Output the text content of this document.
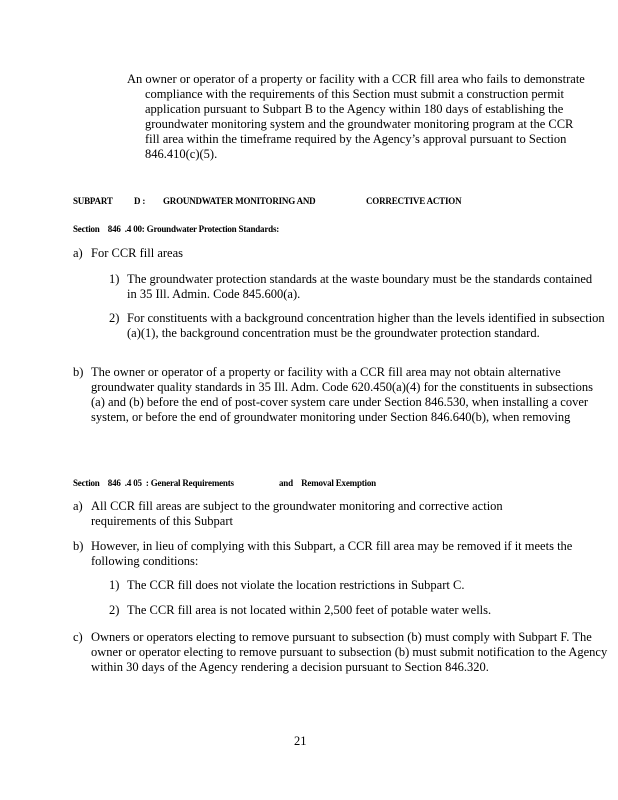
An owner or operator of a property or facility with a CCR fill area who fails to demonstrate compliance with the requirements of this Section must submit a construction permit application pursuant to Subpart B to the Agency within 180 days of establishing the groundwater monitoring system and the groundwater monitoring program at the CCR fill area within the timeframe required by the Agency’s approval pursuant to Section 846.410(c)(5).
SUBPART D : GROUNDWATER MONITORING AND	CORRECTIVE ACTION
Section    846  .4 00: Groundwater Protection Standards:
a) For CCR fill areas
1) The groundwater protection standards at the waste boundary must be the standards contained in 35 Ill. Admin. Code 845.600(a).
2) For constituents with a background concentration higher than the levels identified in subsection (a)(1), the background concentration must be the groundwater protection standard.
b) The owner or operator of a property or facility with a CCR fill area may not obtain alternative groundwater quality standards in 35 Ill. Adm. Code 620.450(a)(4) for the constituents in subsections (a) and (b) before the end of post-cover system care under Section 846.530, when installing a cover system, or before the end of groundwater monitoring under Section 846.640(b), when removing
Section    846  .4 05  : General Requirements	and    Removal Exemption
a) All CCR fill areas are subject to the groundwater monitoring and corrective action requirements of this Subpart
b) However, in lieu of complying with this Subpart, a CCR fill area may be removed if it meets the following conditions:
1) The CCR fill does not violate the location restrictions in Subpart C.
2) The CCR fill area is not located within 2,500 feet of potable water wells.
c) Owners or operators electing to remove pursuant to subsection (b) must comply with Subpart F. The owner or operator electing to remove pursuant to subsection (b) must submit notification to the Agency within 30 days of the Agency rendering a decision pursuant to Section 846.320.
21
